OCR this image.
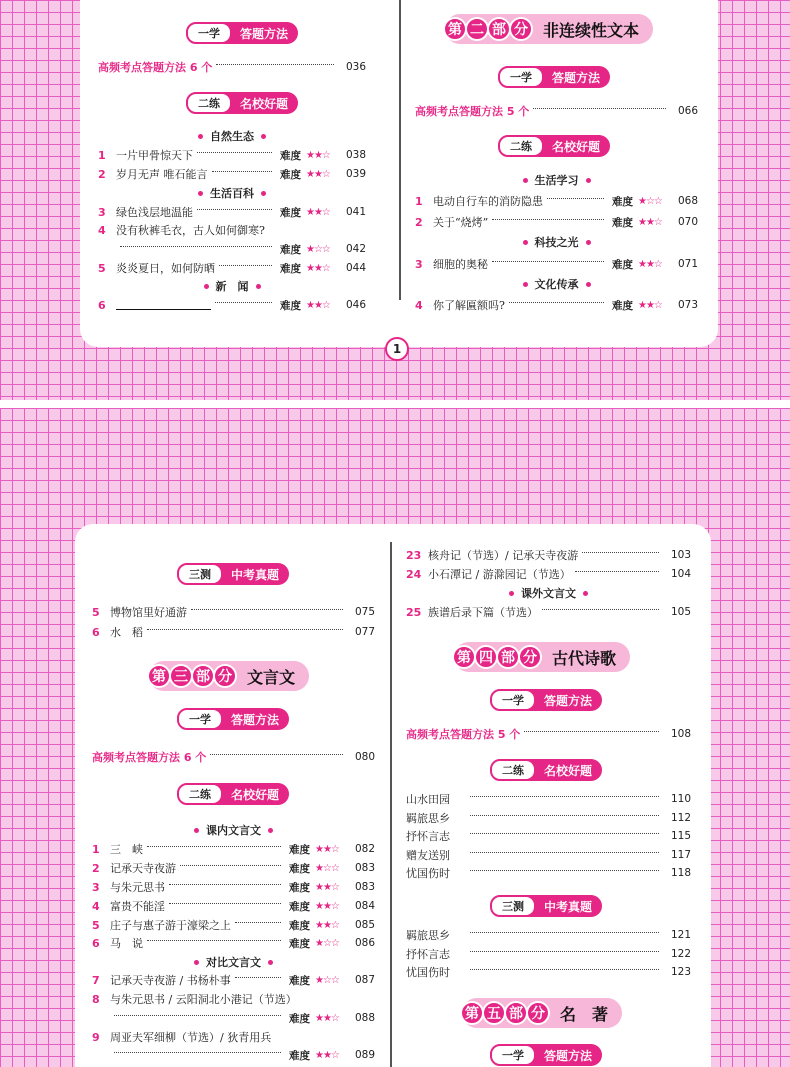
一学	答题方法
高频考点答题方法 6 个	036
二练	名校好题
自然生态
1 一片甲骨惊天下	难度 ★★☆	038
2 岁月无声 唯石能言	难度 ★★☆	039
生活百科
3 绿色浅层地温能	难度 ★★☆	041
4 没有秋裤毛衣，古人如何御寒?
难度 ★☆☆	042
5 炎炎夏日，如何防晒	难度 ★★☆	044
新　闻
6	难度 ★★☆	046
第 二 部 分 非连续性文本
一学	答题方法
高频考点答题方法 5 个	066
二练	名校好题
生活学习
1 电动自行车的消防隐患	难度 ★☆☆	068
2 关于“烧烤”	难度 ★★☆	070
科技之光
3 细胞的奥秘	难度 ★★☆	071
文化传承
4 你了解匾额吗?	难度 ★★☆	073
1
三测	中考真题
5 博物馆里好通游	075
6 水　稻	077
第 三 部 分 文言文
一学	答题方法
高频考点答题方法 6 个	080
二练	名校好题
课内文言文
1 三　峡	难度 ★★☆	082
2 记承天寺夜游	难度 ★☆☆	083
3 与朱元思书	难度 ★★☆	083
4 富贵不能淫	难度 ★★☆	084
5 庄子与惠子游于濠梁之上	难度 ★★☆	085
6 马　说	难度 ★☆☆	086
对比文言文
7 记承天寺夜游 / 书杨朴事	难度 ★☆☆	087
8 与朱元思书 / 云阳洞北小港记（节选）
难度 ★★☆	088
9 周亚夫军细柳（节选）/ 狄青用兵
难度 ★★☆	089
23 核舟记（节选）/ 记承天寺夜游	103
24 小石潭记 / 游滁园记（节选）	104
课外文言文
25 族谱后录下篇（节选）	105
第 四 部 分 古代诗歌
一学	答题方法
高频考点答题方法 5 个	108
二练	名校好题
山水田园	110
羁旅思乡	112
抒怀言志	115
赠友送别	117
忧国伤时	118
三测	中考真题
羁旅思乡	121
抒怀言志	122
忧国伤时	123
第 五 部 分 名　著
一学	答题方法
